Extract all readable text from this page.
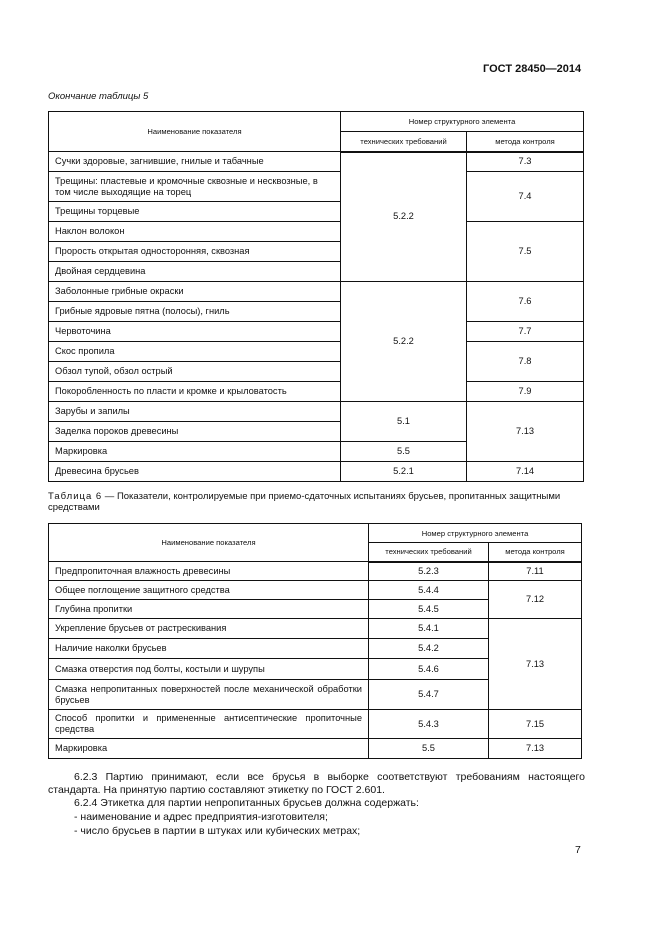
ГОСТ 28450—2014
Окончание таблицы 5
Наименование показателя	Номер структурного элемента	
	технических требований	метода контроля
Сучки здоровые, загнившие, гнилые и табачные	5.2.2	7.3
Трещины: пластевые и кромочные сквозные и несквозные, в том числе выходящие на торец		7.4
Трещины торцевые		
Наклон волокон		7.5
Прорость открытая односторонняя, сквозная		
Двойная сердцевина		
Заболонные грибные окраски	5.2.2	7.6
Грибные ядровые пятна (полосы), гниль		
Червоточина		7.7
Скос пропила		7.8
Обзол тупой, обзол острый		
Покоробленность по пласти и кромке и крыловатость		7.9
Зарубы и запилы	5.1	7.13
Заделка пороков древесины		
Маркировка	5.5	
Древесина брусьев	5.2.1	7.14
Таблица 6 — Показатели, контролируемые при приемо-сдаточных испытаниях брусьев, пропитанных защитными средствами
Наименование показателя	Номер структурного элемента	
	технических требований	метода контроля
Предпропиточная влажность древесины	5.2.3	7.11
Общее поглощение защитного средства	5.4.4	7.12
Глубина пропитки	5.4.5	
Укрепление брусьев от растрескивания	5.4.1	7.13
Наличие наколки брусьев	5.4.2	
Смазка отверстия под болты, костыли и шурупы	5.4.6	
Смазка непропитанных поверхностей после механической обработки брусьев	5.4.7	
Способ пропитки и примененные антисептические пропиточные средства	5.4.3	7.15
Маркировка	5.5	7.13
6.2.3 Партию принимают, если все брусья в выборке соответствуют требованиям настоящего стандарта. На принятую партию составляют этикетку по ГОСТ 2.601.
6.2.4 Этикетка для партии непропитанных брусьев должна содержать:
- наименование и адрес предприятия-изготовителя;
- число брусьев в партии в штуках или кубических метрах;
7
